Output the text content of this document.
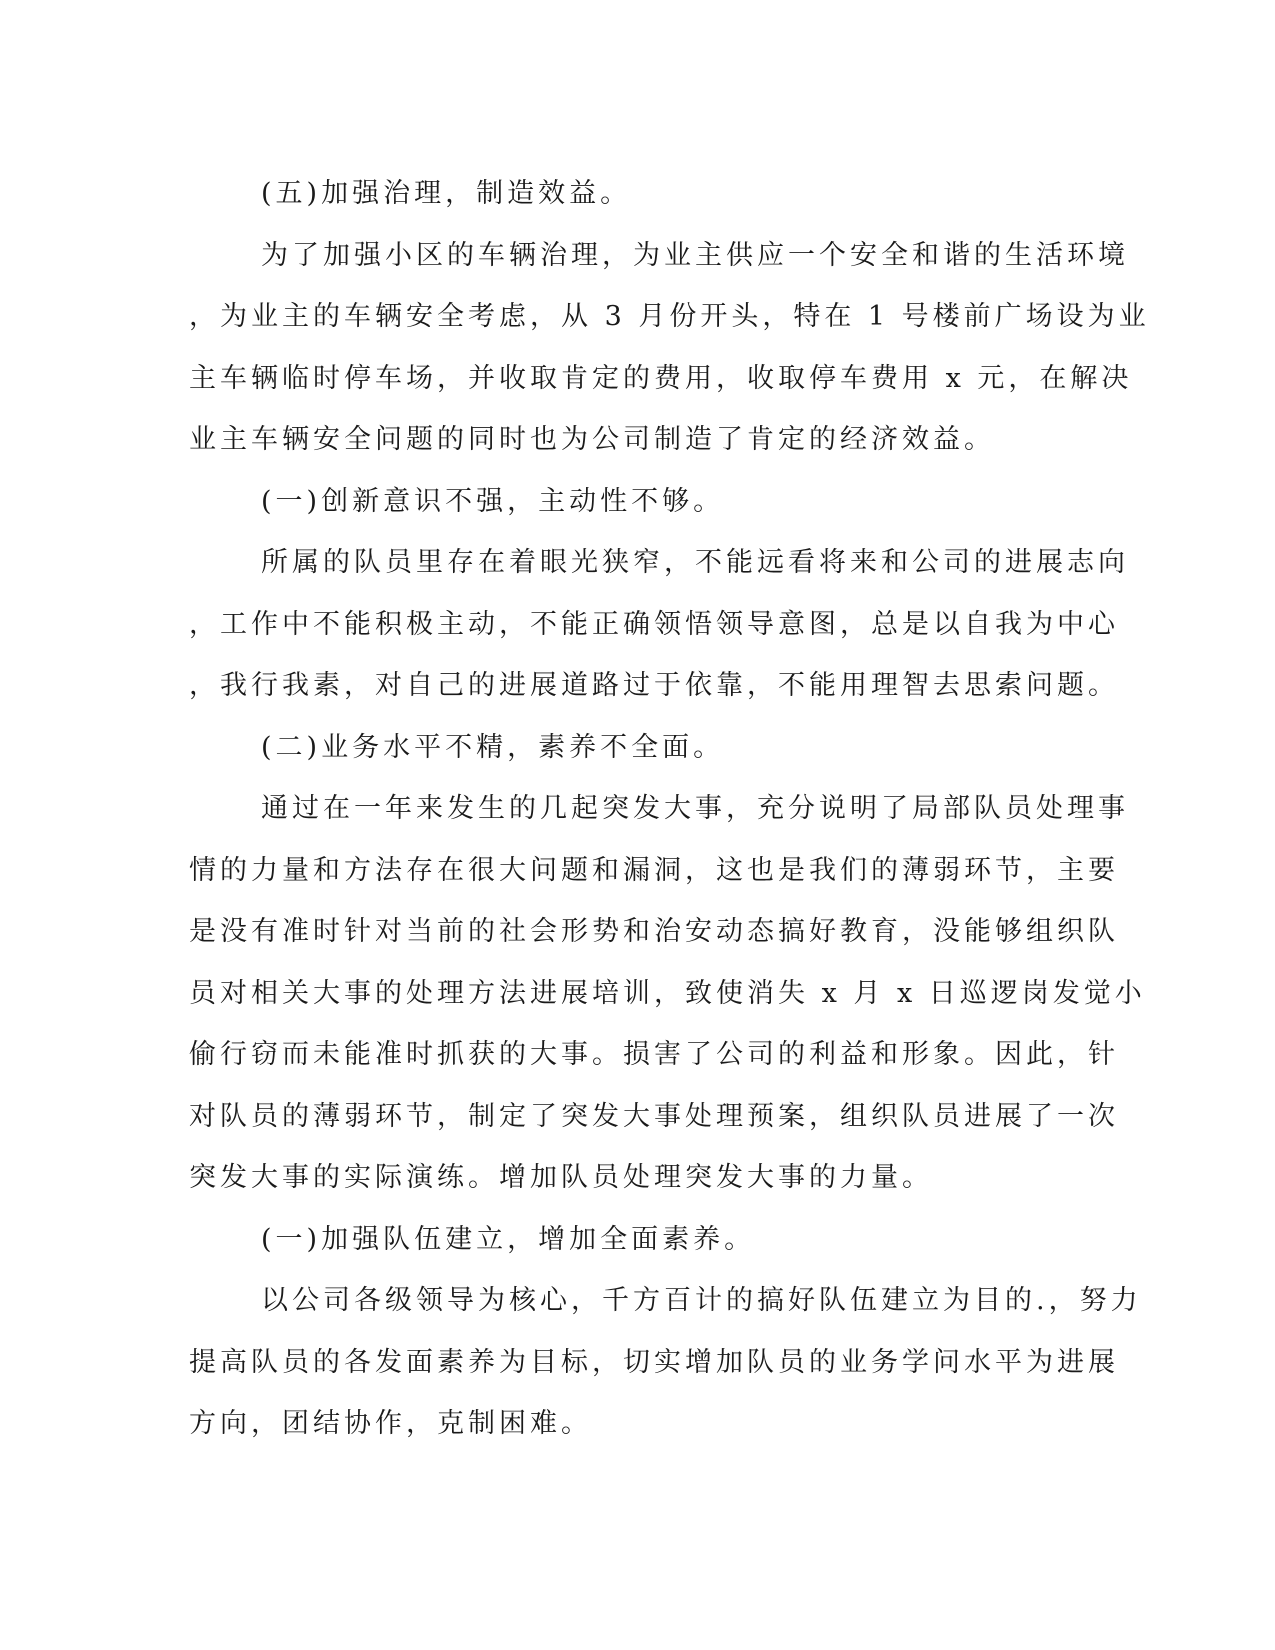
(五)加强治理，制造效益。

为了加强小区的车辆治理，为业主供应一个安全和谐的生活环境

，为业主的车辆安全考虑，从 3 月份开头，特在 1 号楼前广场设为业

主车辆临时停车场，并收取肯定的费用，收取停车费用 x 元，在解决

业主车辆安全问题的同时也为公司制造了肯定的经济效益。

(一)创新意识不强，主动性不够。

所属的队员里存在着眼光狭窄，不能远看将来和公司的进展志向

，工作中不能积极主动，不能正确领悟领导意图，总是以自我为中心

，我行我素，对自己的进展道路过于依靠，不能用理智去思索问题。

(二)业务水平不精，素养不全面。

通过在一年来发生的几起突发大事，充分说明了局部队员处理事

情的力量和方法存在很大问题和漏洞，这也是我们的薄弱环节，主要

是没有准时针对当前的社会形势和治安动态搞好教育，没能够组织队

员对相关大事的处理方法进展培训，致使消失 x 月 x 日巡逻岗发觉小

偷行窃而未能准时抓获的大事。损害了公司的利益和形象。因此，针

对队员的薄弱环节，制定了突发大事处理预案，组织队员进展了一次

突发大事的实际演练。增加队员处理突发大事的力量。

(一)加强队伍建立，增加全面素养。

以公司各级领导为核心，千方百计的搞好队伍建立为目的.，努力

提高队员的各发面素养为目标，切实增加队员的业务学问水平为进展

方向，团结协作，克制困难。
